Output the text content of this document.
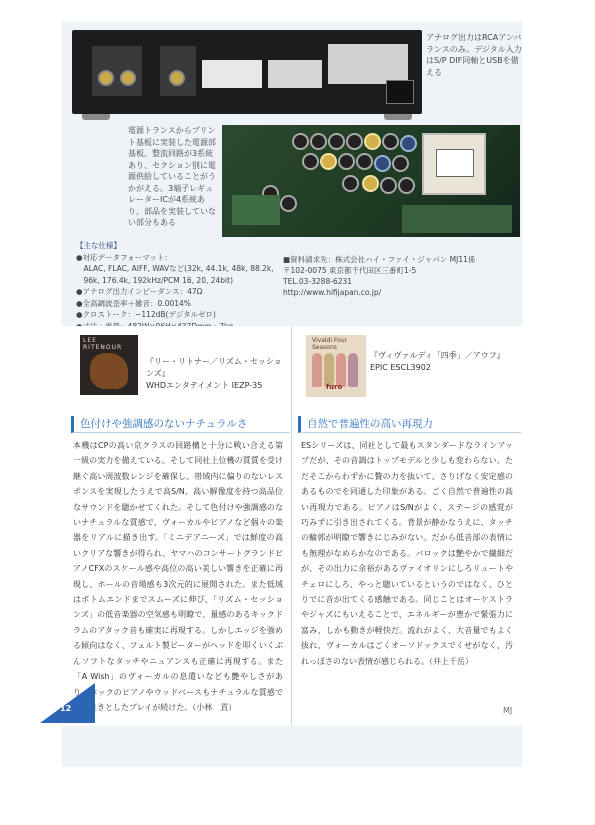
アナログ出力はRCAアンバランスのみ。デジタル入力はS/P DIF同軸とUSBを備える
電源トランスからプリント基板に実装した電源部基板。整流回路が3系統あり、セクション別に電源供給していることがうかがえる。3端子レギュレーターICが4系統あり、部品を実装していない部分もある
【主な仕様】
●対応データフォーマット：
　ALAC, FLAC, AIFF, WAVなど(32k, 44.1k, 48k, 88.2k,
　96k, 176.4k, 192kHz/PCM 16, 20, 24bit)
●アナログ出力インピーダンス：47Ω
●全高調波歪率＋雑音：0.0014%
●クロストーク：−112dB(デジタルゼロ)
■資料請求先：株式会社ハイ・ファイ・ジャパン MJ11係
〒102-0075 東京都千代田区三番町1-5
TEL.03-3288-6231
http://www.hifijapan.co.jp/
LEE RITENOUR
『リー・リトナー／リズム・セッションズ』
WHDエンタテイメント IEZP-35
Vivaldi Four Seasons
furo
『ヴィヴァルディ「四季」／アウフ』
EPIC ESCL3902
色付けや強調感のないナチュラルさ	自然で普遍性の高い再現力
本機はCPの高い京クラスの回路構と十分に戦い合える第一級の実力を備えている。そして同社上位機の質質を受け継ぐ高い周波数レンジを確保し、帯域内に偏りのないレスポンスを実現したうえで高S/N、高い解像度を持つ高品位なサウンドを聴かせてくれた。そして色付けや強調感のないナチュラルな質感で、ヴォーカルやピアノなど個々の楽器をリアルに描き出す。「ミニデアニーズ」では鮮度の高いクリアな響きが得られ、ヤマハのコンサートグランドピアノCFXのスケール感や高位の高い美しい響きを正確に再現し、ホールの音場感も3次元的に展開された。また低域はボトムエンドまでスムーズに伸び、「リズム・セッションズ」の低音楽器の空気感も明瞭で、量感のあるキックドラムのアタック音も確実に再現する。しかしエッジを強める傾向はなく、フェルト製ビーターがヘッドを叩くいくぶんソフトなタッチやニュアンスも正確に再現する。また「A Wish」のヴォーカルの息遣いなども艶やしさがあり、バックのピアノやウッドベースもナチュラルな質感で生き生きとしたプレイが続けた。（小林　貢）
ESシリーズは、同社として最もスタンダードなラインアップだが、その音調はトップモデルと少しも変わらない。ただそこからわずかに贅の力を抜いて、さりげなく安定感のあるものでを同通した印象がある。ごく自然で普遍性の高い再現力である。ピアノはS/Nがよく、ステージの感覚が巧みずに引き出されてくる。背景が静かなうえに、タッチの輪郭が明瞭で響きにじみがない。だから低音部の表情にも無理がなめらかなのである。バロックは艶やかで繊細だが、その出力に余裕があるヴァイオリンにしろリュートやチェロにしろ、やっと聴いているというのではなく、ひとりでに音が出てくる感触である。同じことはオーケストラやジャズにもいえることで、エネルギーが豊かで緊張力に富み、しかも動きが軽快だ。流れがよく、大音量でもよく抜れ、ヴォーカルはごくオーソドックスでくせがなく、汚れっぽさのない表情が感じられる。（井上千岳）
12	MJ
